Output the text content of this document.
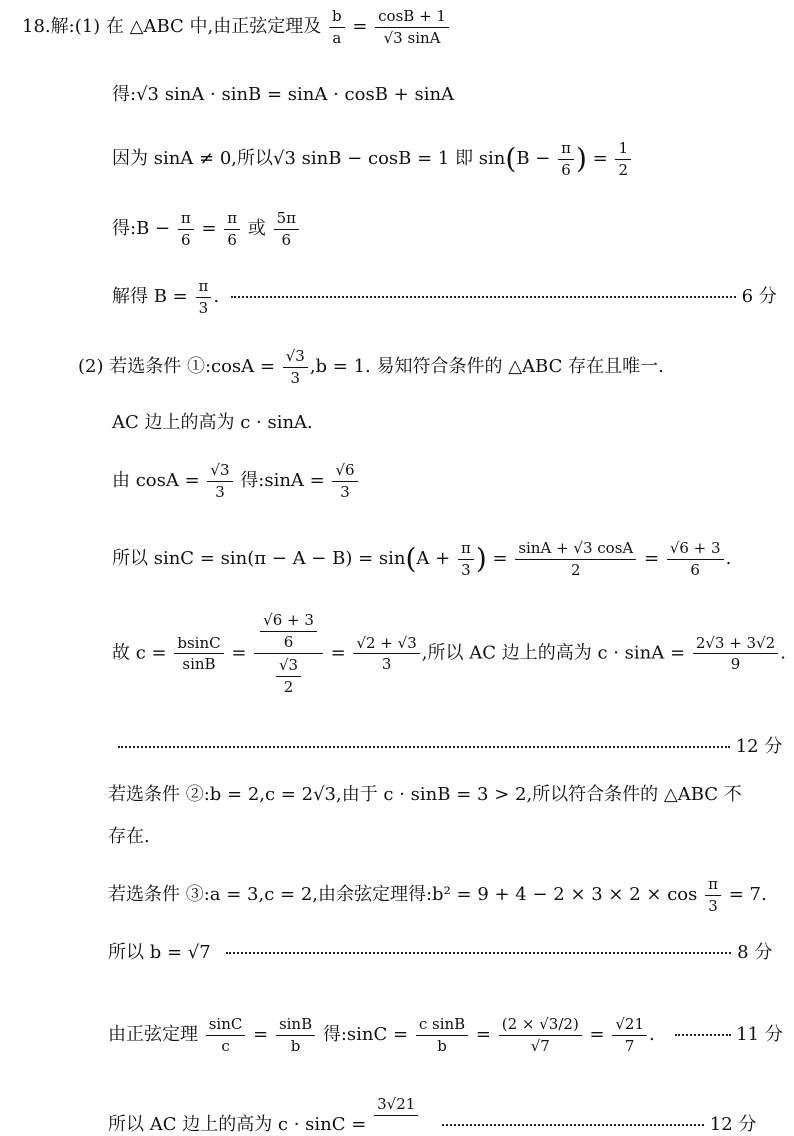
18.解:(1) 在 △ABC 中,由正弦定理及 $\frac{b}{a} = \frac{\cos B + 1}{√3 \sin A}$
得:√3 sinA · sinB = sinA · cosB + sinA
因为 sinA ≠ 0,所以√3 sinB − cosB = 1 即 $\sin(B - \frac{\pi}{6}$ ) = $\frac{1}{2}$
得:B − $\frac{\pi}{6} = \frac{\pi}{6}$ 或 $\frac{5\pi}{6}$
解得 $B = \frac{\pi}{3}$ .	6 分
(2) 若选条件 ①:cosA = $\frac{√3}{3} ,b = 1$. 易知符合条件的 △ABC 存在且唯一.
AC 边上的高为 c · sinA.
由 $\cos A = \frac{√3}{3}$ 得:sinA = $\frac{√6}{3}$
所以 $\sin C = \sin(\pi - A - B) = \sin(A + \frac{\pi}{3}$ ) = $\frac{\sin A + √3 \cos A}{2} = \frac{√6 + 3}{6}$ .
故 $c = \frac{bsinC}{\sin B} = \frac{\frac{√6 + 3}{6}}{\frac{√3}{2}} = \frac{√2 + √3}{3}$ ,所以 AC 边上的高为 $c \cdot \sin A = \frac{2√3 + 3√2}{9}$ .
12 分
若选条件 ②:b = 2,c = 2√3,由于 c · sinB = 3 > 2,所以符合条件的 △ABC 不
存在.
若选条件 ③:a = 3,c = 2,由余弦定理得:b² = $9 + 4 - 2 \times 3 \times 2 \times \cos \frac{\pi}{3} = 7$.
所以 b = √7	8 分
由正弦定理 $\frac{\sin C}{c} = \frac{\sin B}{b}$ 得:sinC = $\frac{\text{c sinB}}{b} = \frac{(2 \times √3/2)}{√7} = \frac{√21}{7}$ .	11 分
所以 AC 边上的高为 c · sinC =
3√21

12 分
